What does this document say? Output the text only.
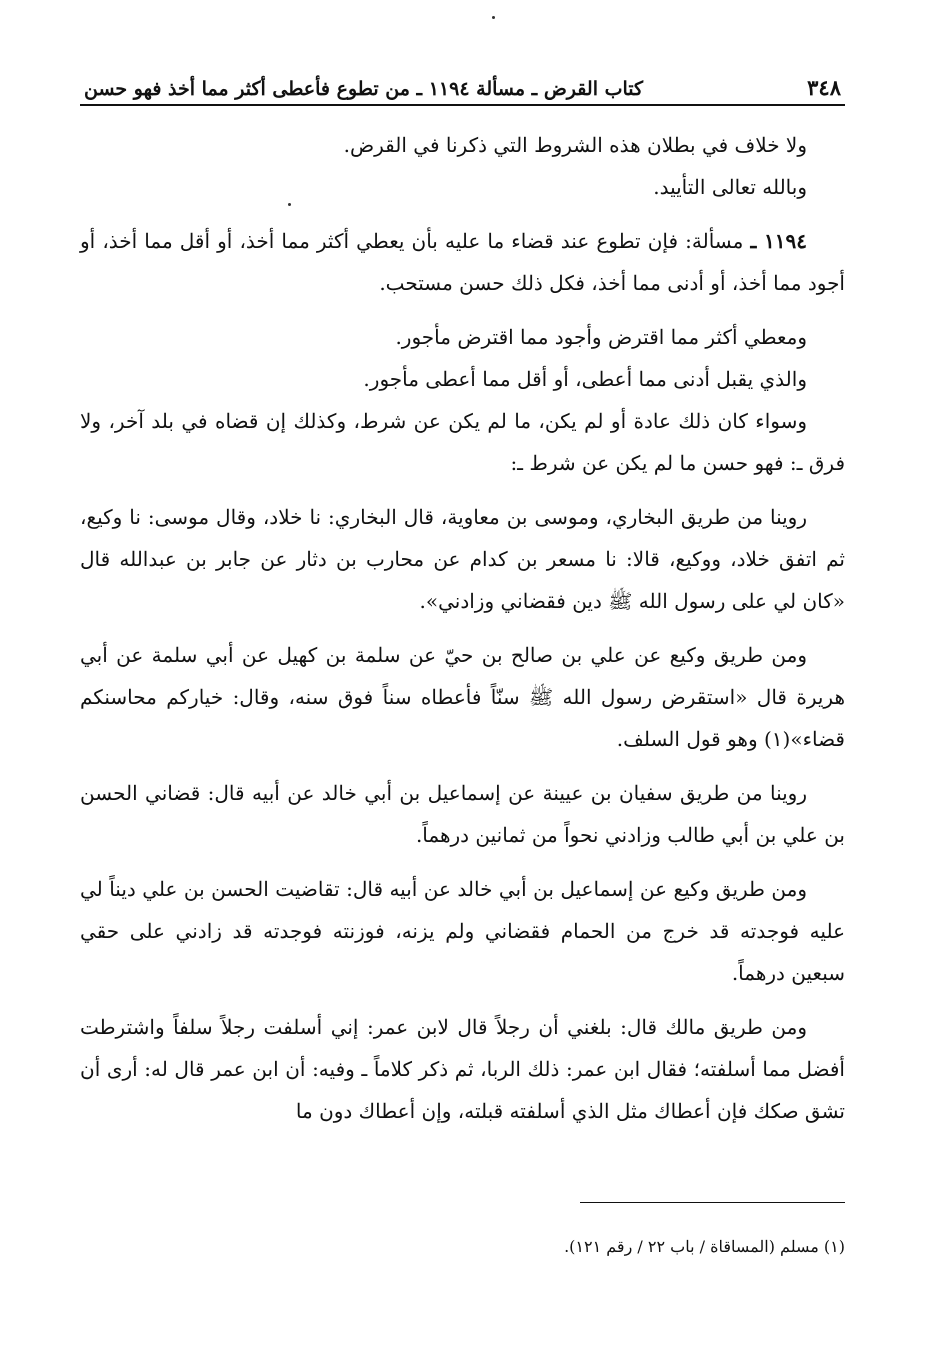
٣٤٨
كتاب القرض ـ مسألة ١١٩٤ ـ من تطوع فأعطى أكثر مما أخذ فهو حسن

ولا خلاف في بطلان هذه الشروط التي ذكرنا في القرض.

وبالله تعالى التأييد.

١١٩٤ ـ مسألة: فإن تطوع عند قضاء ما عليه بأن يعطي أكثر مما أخذ، أو أقل مما أخذ، أو أجود مما أخذ، أو أدنى مما أخذ، فكل ذلك حسن مستحب.

ومعطي أكثر مما اقترض وأجود مما اقترض مأجور.

والذي يقبل أدنى مما أعطى، أو أقل مما أعطى مأجور.

وسواء كان ذلك عادة أو لم يكن، ما لم يكن عن شرط، وكذلك إن قضاه في بلد آخر، ولا فرق ـ: فهو حسن ما لم يكن عن شرط ـ:

روينا من طريق البخاري، وموسى بن معاوية، قال البخاري: نا خلاد، وقال موسى: نا وكيع، ثم اتفق خلاد، ووكيع، قالا: نا مسعر بن كدام عن محارب بن دثار عن جابر بن عبدالله قال «كان لي على رسول الله ﷺ دين فقضاني وزادني».

ومن طريق وكيع عن علي بن صالح بن حيّ عن سلمة بن كهيل عن أبي سلمة عن أبي هريرة قال «استقرض رسول الله ﷺ سنّاً فأعطاه سناً فوق سنه، وقال: خياركم محاسنكم قضاء»(١) وهو قول السلف.

روينا من طريق سفيان بن عيينة عن إسماعيل بن أبي خالد عن أبيه قال: قضاني الحسن بن علي بن أبي طالب وزادني نحواً من ثمانين درهماً.

ومن طريق وكيع عن إسماعيل بن أبي خالد عن أبيه قال: تقاضيت الحسن بن علي ديناً لي عليه فوجدته قد خرج من الحمام فقضاني ولم يزنه، فوزنته فوجدته قد زادني على حقي سبعين درهماً.

ومن طريق مالك قال: بلغني أن رجلاً قال لابن عمر: إني أسلفت رجلاً سلفاً واشترطت أفضل مما أسلفته؛ فقال ابن عمر: ذلك الربا، ثم ذكر كلاماً ـ وفيه: أن ابن عمر قال له: أرى أن تشق صكك فإن أعطاك مثل الذي أسلفته قبلته، وإن أعطاك دون ما

(١) مسلم (المساقاة / باب ٢٢ / رقم ١٢١).
